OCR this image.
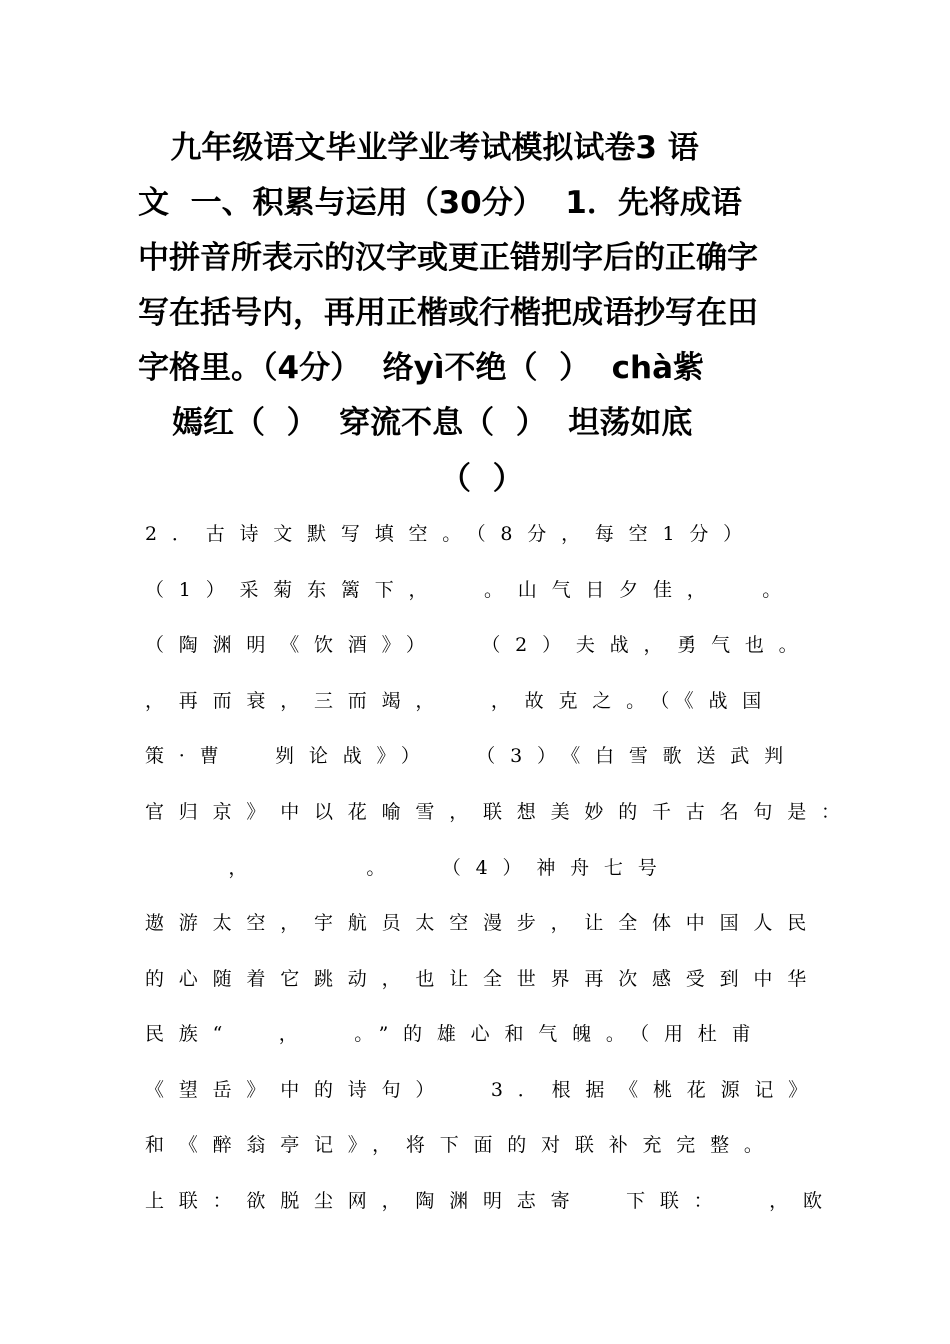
九年级语文毕业学业考试模拟试卷3 语
文  一、积累与运用（30分）  1．先将成语
中拼音所表示的汉字或更正错别字后的正确字
写在括号内，再用正楷或行楷把成语抄写在田
字格里。（4分）  络yì不绝（  ）  chà紫
嫣红（  ）  穿流不息（  ）  坦荡如底
（  ）
2．古诗文默写填空。（8分，每空1分）
（1）采菊东篱下，  。山气日夕佳，  。
（陶渊明《饮酒》）  （2）夫战，勇气也。
，再而衰，三而竭，  ，故克之。（《战国
策·曹  刿论战》）  （3）《白雪歌送武判
官归京》中以花喻雪，联想美妙的千古名句是：
，     。  （4）神舟七号
遨游太空，宇航员太空漫步，让全体中国人民
的心随着它跳动，也让全世界再次感受到中华
民族“  ，  。”的雄心和气魄。（用杜甫
《望岳》中的诗句）  3．根据《桃花源记》
和《醉翁亭记》，将下面的对联补充完整。
上联：欲脱尘网，陶渊明志寄  下联：  ，欧
